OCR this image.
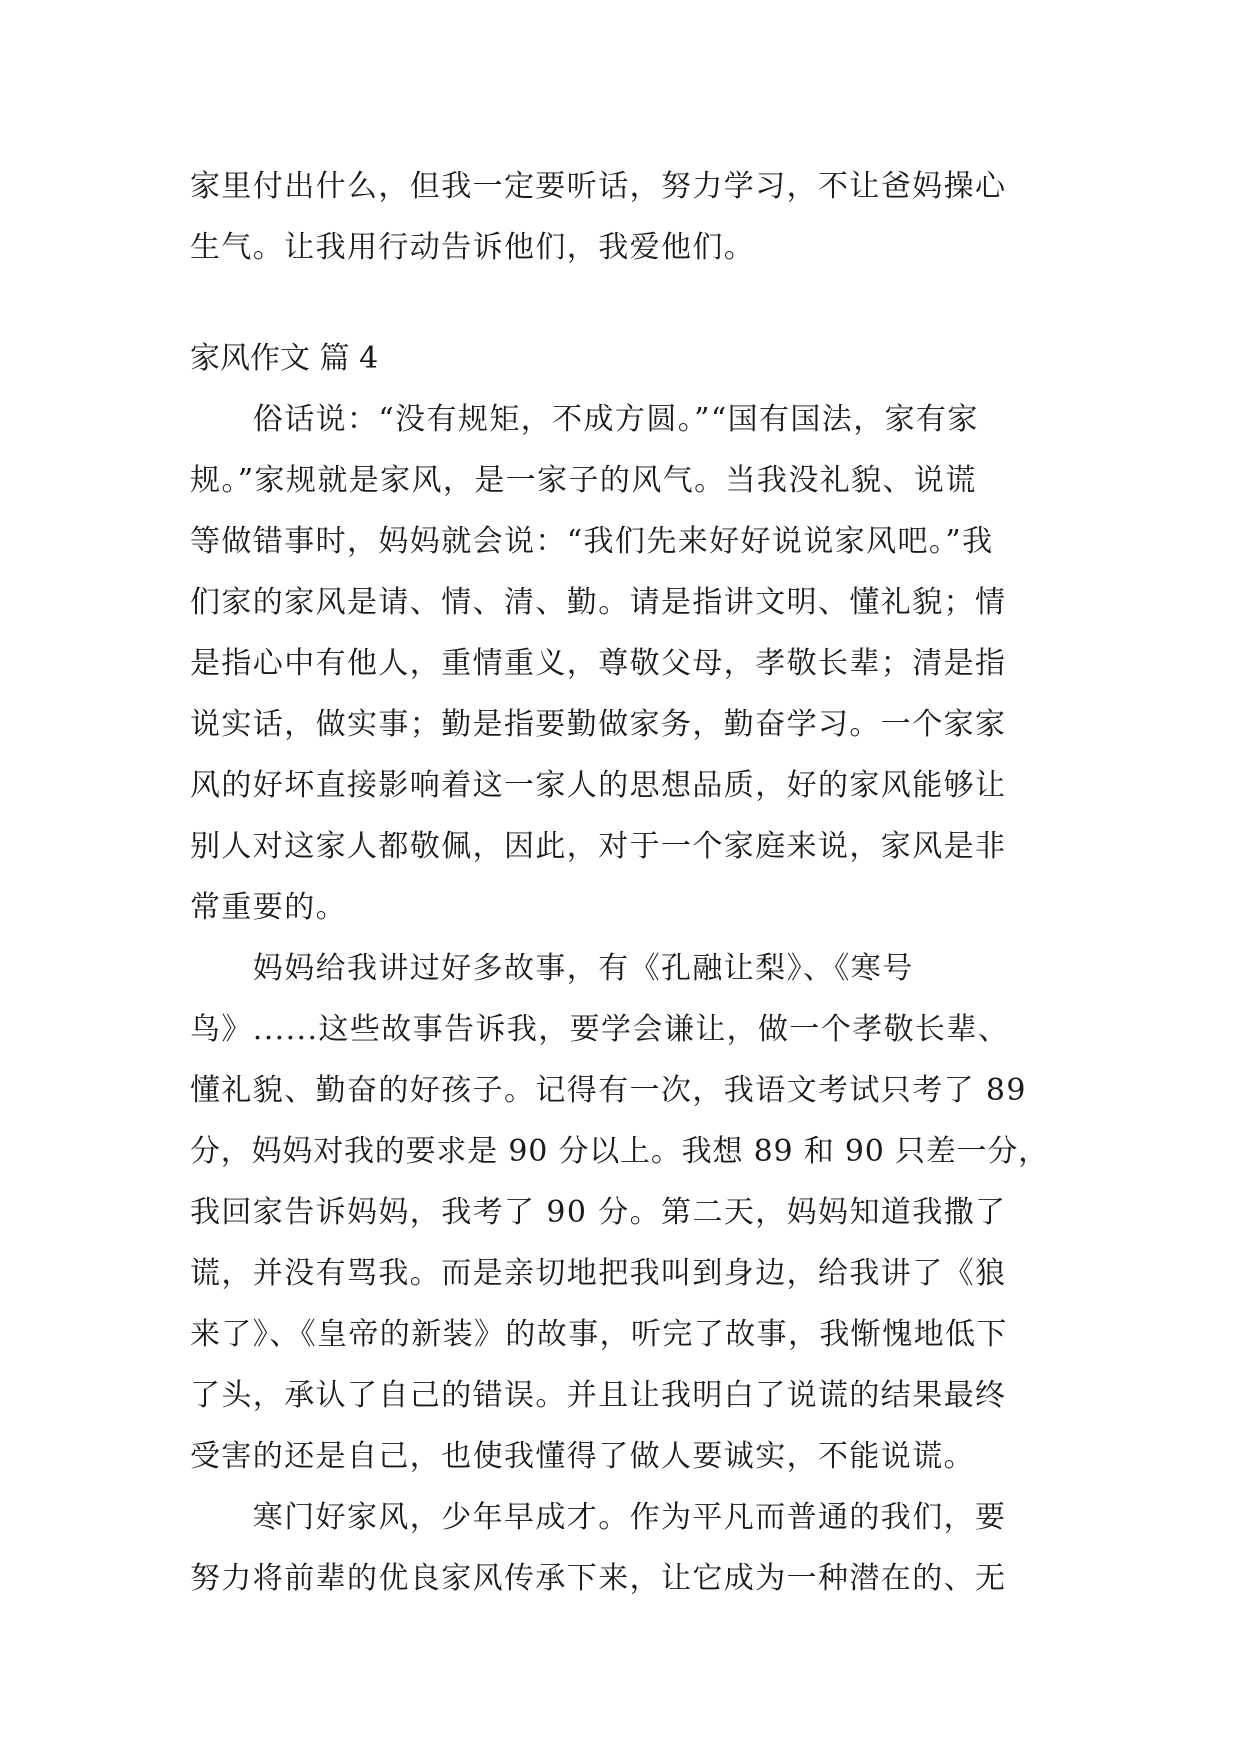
家里付出什么，但我一定要听话，努力学习，不让爸妈操心
生气。让我用行动告诉他们，我爱他们。
家风作文 篇 4
　　俗话说：“没有规矩，不成方圆。”“国有国法，家有家
规。”家规就是家风，是一家子的风气。当我没礼貌、说谎
等做错事时，妈妈就会说：“我们先来好好说说家风吧。”我
们家的家风是请、情、清、勤。请是指讲文明、懂礼貌；情
是指心中有他人，重情重义，尊敬父母，孝敬长辈；清是指
说实话，做实事；勤是指要勤做家务，勤奋学习。一个家家
风的好坏直接影响着这一家人的思想品质，好的家风能够让
别人对这家人都敬佩，因此，对于一个家庭来说，家风是非
常重要的。
　　妈妈给我讲过好多故事，有《孔融让梨》、《寒号
鸟》......这些故事告诉我，要学会谦让，做一个孝敬长辈、
懂礼貌、勤奋的好孩子。记得有一次，我语文考试只考了 89
分，妈妈对我的要求是 90 分以上。我想 89 和 90 只差一分，
我回家告诉妈妈，我考了 90 分。第二天，妈妈知道我撒了
谎，并没有骂我。而是亲切地把我叫到身边，给我讲了《狼
来了》、《皇帝的新装》的故事，听完了故事，我惭愧地低下
了头，承认了自己的错误。并且让我明白了说谎的结果最终
受害的还是自己，也使我懂得了做人要诚实，不能说谎。
　　寒门好家风，少年早成才。作为平凡而普通的我们，要
努力将前辈的优良家风传承下来，让它成为一种潜在的、无
